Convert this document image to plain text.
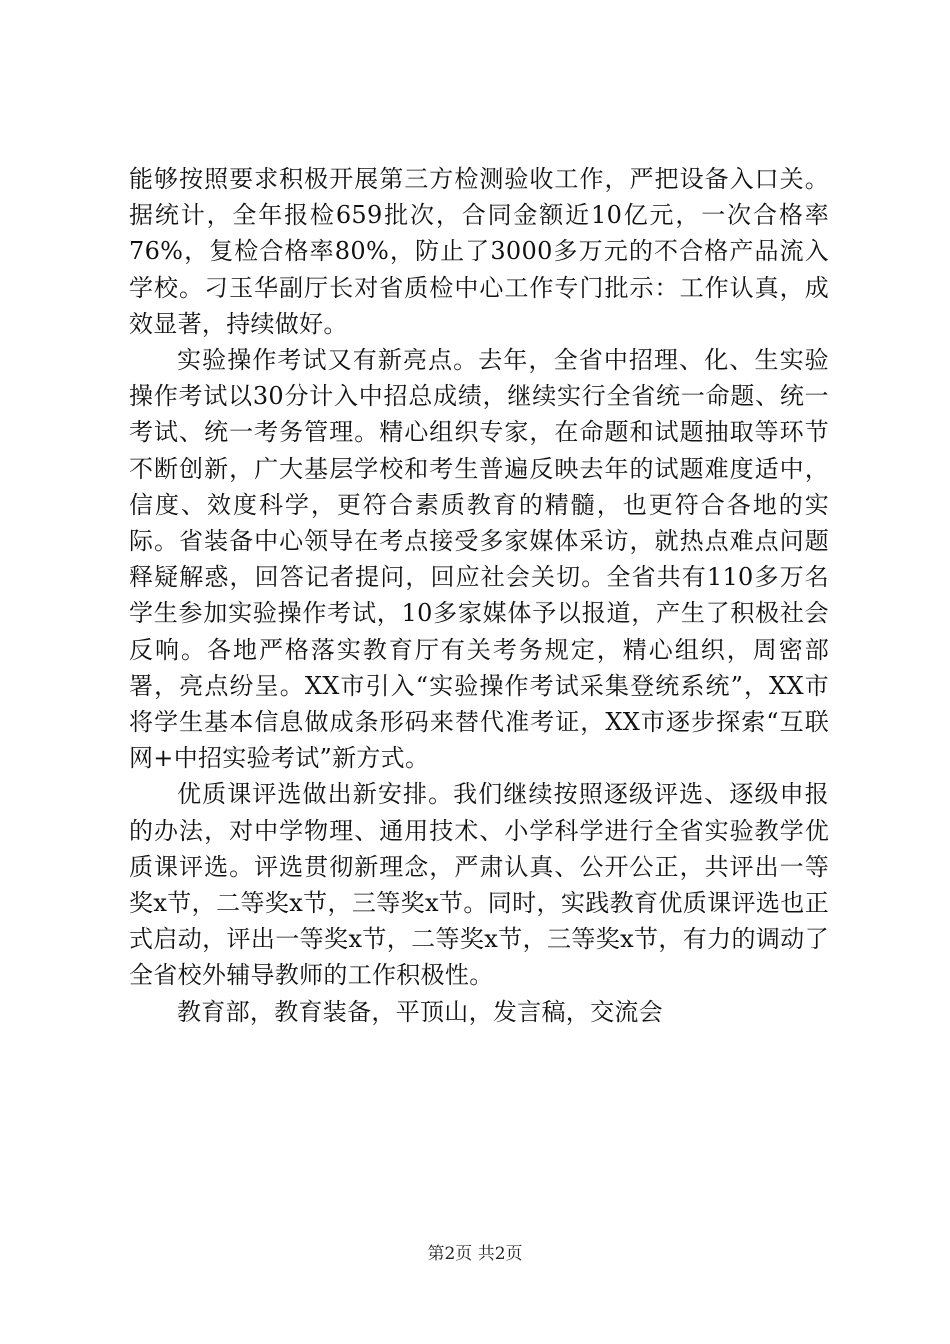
能够按照要求积极开展第三方检测验收工作，严把设备入口关。据统计，全年报检659批次，合同金额近10亿元，一次合格率76%，复检合格率80%，防止了3000多万元的不合格产品流入学校。刁玉华副厅长对省质检中心工作专门批示：工作认真，成效显著，持续做好。

实验操作考试又有新亮点。去年，全省中招理、化、生实验操作考试以30分计入中招总成绩，继续实行全省统一命题、统一考试、统一考务管理。精心组织专家，在命题和试题抽取等环节不断创新，广大基层学校和考生普遍反映去年的试题难度适中，信度、效度科学，更符合素质教育的精髓，也更符合各地的实际。省装备中心领导在考点接受多家媒体采访，就热点难点问题释疑解惑，回答记者提问，回应社会关切。全省共有110多万名学生参加实验操作考试，10多家媒体予以报道，产生了积极社会反响。各地严格落实教育厅有关考务规定，精心组织，周密部署，亮点纷呈。XX市引入“实验操作考试采集登统系统”，XX市将学生基本信息做成条形码来替代准考证，XX市逐步探索“互联网+中招实验考试”新方式。

优质课评选做出新安排。我们继续按照逐级评选、逐级申报的办法，对中学物理、通用技术、小学科学进行全省实验教学优质课评选。评选贯彻新理念，严肃认真、公开公正，共评出一等奖x节，二等奖x节，三等奖x节。同时，实践教育优质课评选也正式启动，评出一等奖x节，二等奖x节，三等奖x节，有力的调动了全省校外辅导教师的工作积极性。

教育部，教育装备，平顶山，发言稿，交流会

第2页 共2页
